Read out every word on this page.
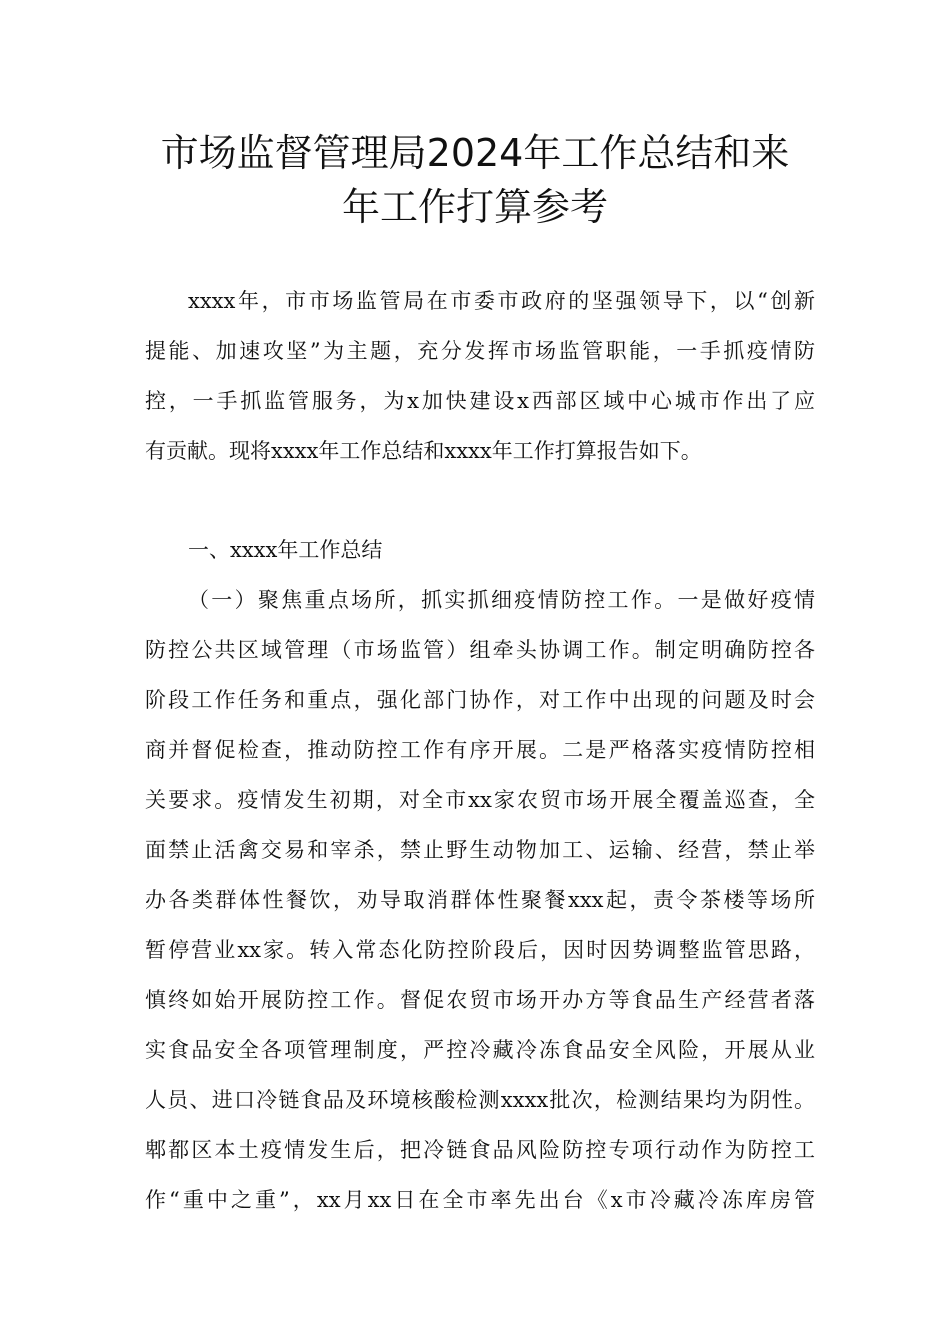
市场监督管理局2024年工作总结和来
年工作打算参考

xxxx年，市市场监管局在市委市政府的坚强领导下，以“创新

提能、加速攻坚”为主题，充分发挥市场监管职能，一手抓疫情防

控，一手抓监管服务，为x加快建设x西部区域中心城市作出了应

有贡献。现将xxxx年工作总结和xxxx年工作打算报告如下。

一、xxxx年工作总结

（一）聚焦重点场所，抓实抓细疫情防控工作。一是做好疫情

防控公共区域管理（市场监管）组牵头协调工作。制定明确防控各

阶段工作任务和重点，强化部门协作，对工作中出现的问题及时会

商并督促检查，推动防控工作有序开展。二是严格落实疫情防控相

关要求。疫情发生初期，对全市xx家农贸市场开展全覆盖巡查，全

面禁止活禽交易和宰杀，禁止野生动物加工、运输、经营，禁止举

办各类群体性餐饮，劝导取消群体性聚餐xxx起，责令茶楼等场所

暂停营业xx家。转入常态化防控阶段后，因时因势调整监管思路，

慎终如始开展防控工作。督促农贸市场开办方等食品生产经营者落

实食品安全各项管理制度，严控冷藏冷冻食品安全风险，开展从业

人员、进口冷链食品及环境核酸检测xxxx批次，检测结果均为阴性。

郫都区本土疫情发生后，把冷链食品风险防控专项行动作为防控工

作“重中之重”，xx月xx日在全市率先出台《x市冷藏冷冻库房管
